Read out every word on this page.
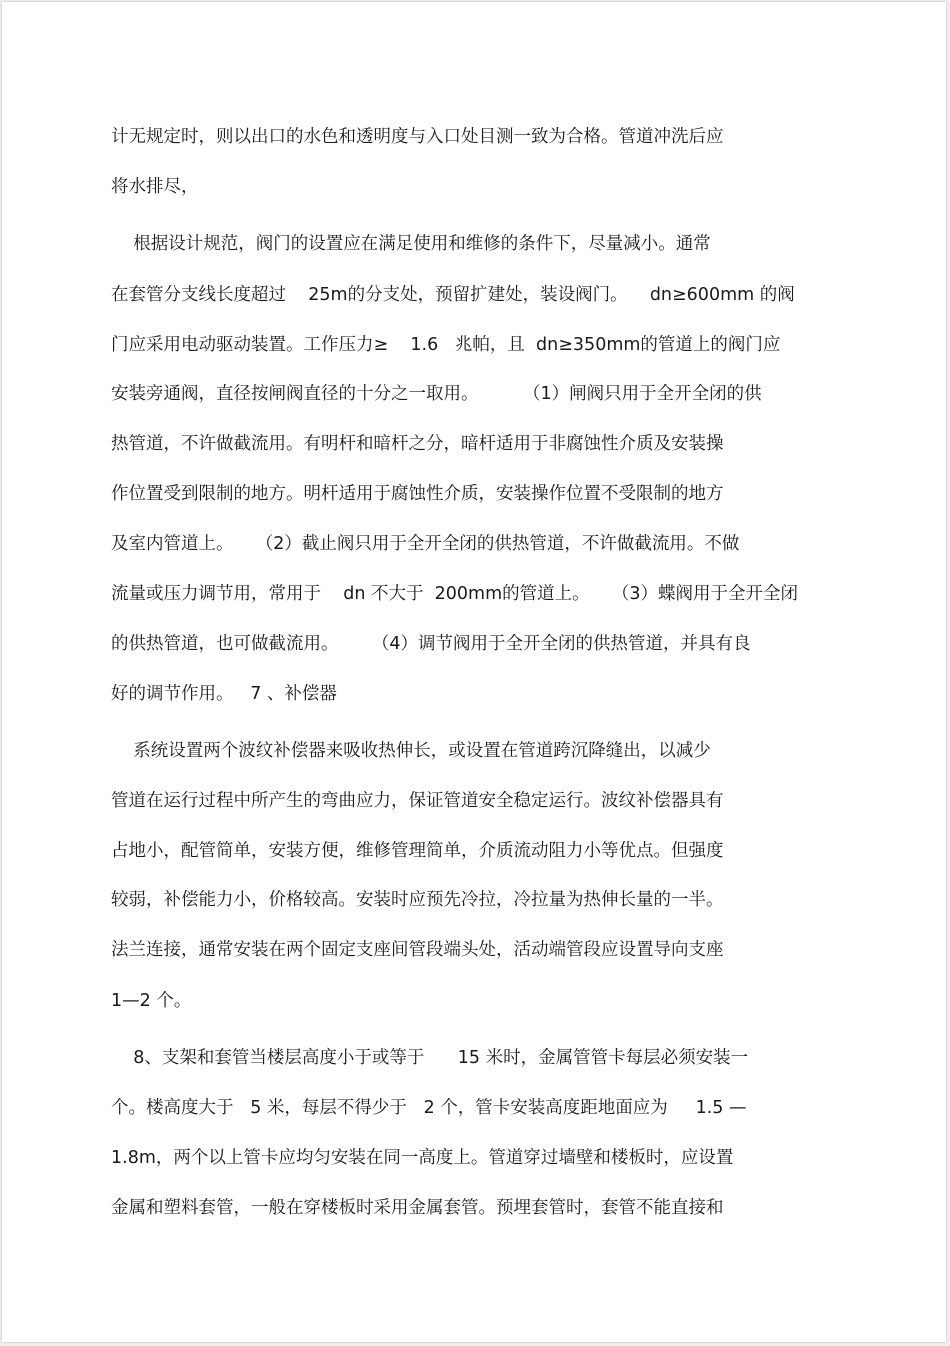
计无规定时，则以出口的水色和透明度与入口处目测一致为合格。管道冲洗后应
将水排尽，
根据设计规范，阀门的设置应在满足使用和维修的条件下，尽量减小。通常
在套管分支线长度超过    25m的分支处，预留扩建处，装设阀门。    dn≥600mm 的阀
门应采用电动驱动装置。工作压力≥    1.6   兆帕，且  dn≥350mm的管道上的阀门应
安装旁通阀，直径按闸阀直径的十分之一取用。        （1）闸阀只用于全开全闭的供
热管道，不许做截流用。有明杆和暗杆之分，暗杆适用于非腐蚀性介质及安装操
作位置受到限制的地方。明杆适用于腐蚀性介质，安装操作位置不受限制的地方
及室内管道上。    （2）截止阀只用于全开全闭的供热管道，不许做截流用。不做
流量或压力调节用，常用于    dn 不大于  200mm的管道上。    （3）蝶阀用于全开全闭
的供热管道，也可做截流用。      （4）调节阀用于全开全闭的供热管道，并具有良
好的调节作用。   7 、补偿器
系统设置两个波纹补偿器来吸收热伸长，或设置在管道跨沉降缝出，以减少
管道在运行过程中所产生的弯曲应力，保证管道安全稳定运行。波纹补偿器具有
占地小，配管简单，安装方便，维修管理简单，介质流动阻力小等优点。但强度
较弱，补偿能力小，价格较高。安装时应预先冷拉，冷拉量为热伸长量的一半。
法兰连接，通常安装在两个固定支座间管段端头处，活动端管段应设置导向支座
1—2 个。
8、支架和套管当楼层高度小于或等于      15 米时，金属管管卡每层必须安装一
个。楼高度大于   5 米，每层不得少于   2 个，管卡安装高度距地面应为     1.5 —
1.8m，两个以上管卡应均匀安装在同一高度上。管道穿过墙壁和楼板时，应设置
金属和塑料套管，一般在穿楼板时采用金属套管。预埋套管时，套管不能直接和
